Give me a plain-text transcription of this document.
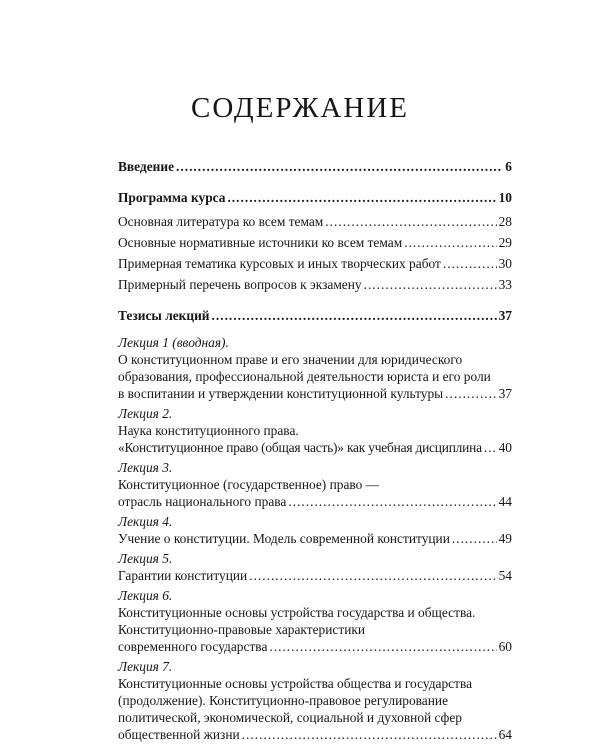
СОДЕРЖАНИЕ
Введение .....	6
Программа курса .....	10
Основная литература ко всем темам .....	28
Основные нормативные источники ко всем темам .....	29
Примерная тематика курсовых и иных творческих работ .....	30
Примерный перечень вопросов к экзамену .....	33
Тезисы лекций .....	37
Лекция 1 (вводная).
О конституционном праве и его значении для юридического
образования, профессиональной деятельности юриста и его роли
в воспитании и утверждении конституционной культуры .....	37
Лекция 2.
Наука конституционного права.
«Конституционное право (общая часть)» как учебная дисциплина ..... 40
Лекция 3.
Конституционное (государственное) право —
отрасль национального права .....	44
Лекция 4.
Учение о конституции. Модель современной конституции .....	49
Лекция 5.
Гарантии конституции .....	54
Лекция 6.
Конституционные основы устройства государства и общества.
Конституционно-правовые характеристики
современного государства .....	60
Лекция 7.
Конституционные основы устройства общества и государства
(продолжение). Конституционно-правовое регулирование
политической, экономической, социальной и духовной сфер
общественной жизни .....	64
